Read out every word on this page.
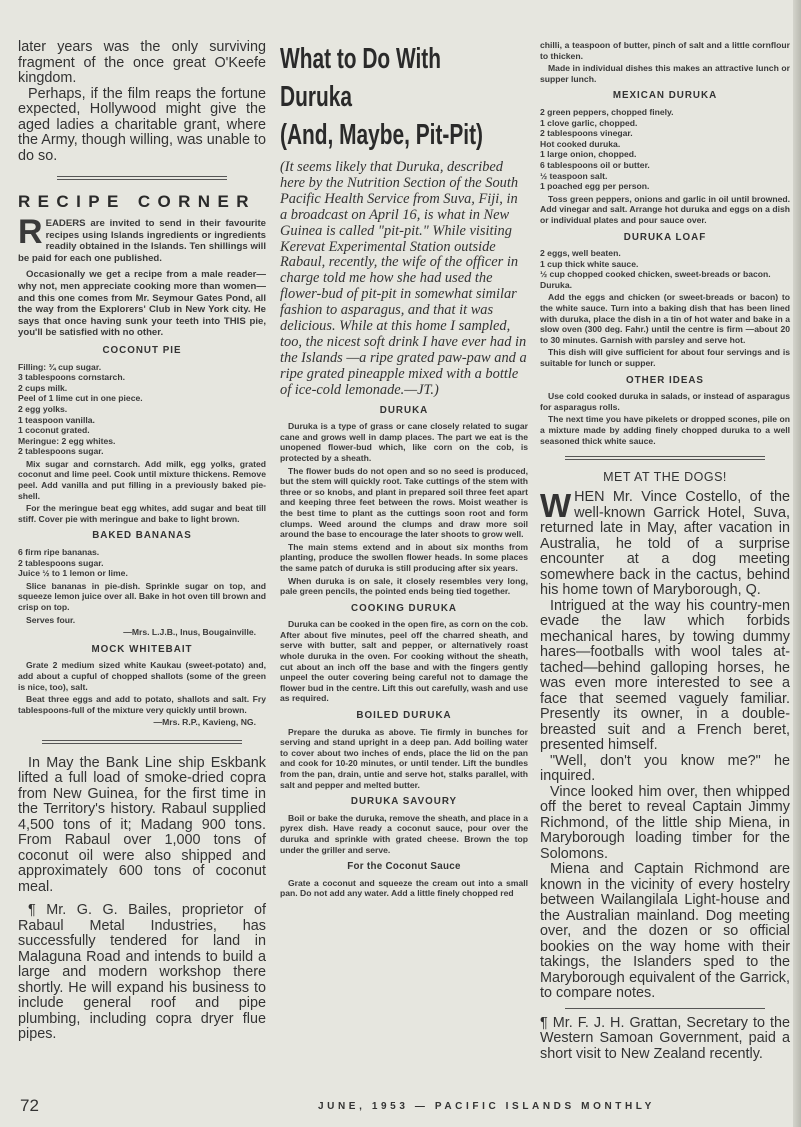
later years was the only surviving fragment of the once great O'Keefe kingdom.

Perhaps, if the film reaps the fortune expected, Hollywood might give the aged ladies a charitable grant, where the Army, though willing, was unable to do so.

RECIPE CORNER

READERS are invited to send in their favourite recipes using Islands ingredients or ingredients readily obtained in the Islands. Ten shillings will be paid for each one published.

Occasionally we get a recipe from a male reader—why not, men appreciate cooking more than women—and this one comes from Mr. Seymour Gates Pond, all the way from the Explorers' Club in New York city. He says that once having sunk your teeth into THIS pie, you'll be satisfied with no other.

COCONUT PIE

Filling: ¾ cup sugar.

3 tablespoons cornstarch.

2 cups milk.

Peel of 1 lime cut in one piece.

2 egg yolks.

1 teaspoon vanilla.

1 coconut grated.

Meringue: 2 egg whites.

2 tablespoons sugar.

Mix sugar and cornstarch. Add milk, egg yolks, grated coconut and lime peel. Cook until mixture thickens. Remove peel. Add vanilla and put filling in a previously baked pie-shell.

For the meringue beat egg whites, add sugar and beat till stiff. Cover pie with meringue and bake to light brown.

BAKED BANANAS

6 firm ripe bananas.

2 tablespoons sugar.

Juice ½ to 1 lemon or lime.

Slice bananas in pie-dish. Sprinkle sugar on top, and squeeze lemon juice over all. Bake in hot oven till brown and crisp on top.

Serves four.

—Mrs. L.J.B., Inus, Bougainville.

MOCK WHITEBAIT

Grate 2 medium sized white Kaukau (sweet-potato) and, add about a cupful of chopped shallots (some of the green is nice, too), salt.

Beat three eggs and add to potato, shallots and salt. Fry tablespoons-full of the mixture very quickly until brown.

—Mrs. R.P., Kavieng, NG.

In May the Bank Line ship Eskbank lifted a full load of smoke-dried copra from New Guinea, for the first time in the Territory's history. Rabaul supplied 4,500 tons of it; Madang 900 tons. From Rabaul over 1,000 tons of coconut oil were also shipped and approximately 600 tons of coconut meal.

¶ Mr. G. G. Bailes, proprietor of Rabaul Metal Industries, has successfully tendered for land in Malaguna Road and intends to build a large and modern workshop there shortly. He will expand his business to include general roof and pipe plumbing, including copra dryer flue pipes.

What to Do With
Duruka
(And, Maybe, Pit-Pit)

(It seems likely that Duruka, described here by the Nutrition Section of the South Pacific Health Service from Suva, Fiji, in a broadcast on April 16, is what in New Guinea is called "pit-pit." While visiting Kerevat Experimental Station outside Rabaul, recently, the wife of the officer in charge told me how she had used the flower-bud of pit-pit in somewhat similar fashion to asparagus, and that it was delicious. While at this home I sampled, too, the nicest soft drink I have ever had in the Islands —a ripe grated paw-paw and a ripe grated pineapple mixed with a bottle of ice-cold lemonade.—JT.)

DURUKA

Duruka is a type of grass or cane closely related to sugar cane and grows well in damp places. The part we eat is the unopened flower-bud which, like corn on the cob, is protected by a sheath.

The flower buds do not open and so no seed is produced, but the stem will quickly root. Take cuttings of the stem with three or so knobs, and plant in prepared soil three feet apart and keeping three feet between the rows. Moist weather is the best time to plant as the cuttings soon root and form clumps. Weed around the clumps and draw more soil around the base to encourage the later shoots to grow well.

The main stems extend and in about six months from planting, produce the swollen flower heads. In some places the same patch of duruka is still producing after six years.

When duruka is on sale, it closely resembles very long, pale green pencils, the pointed ends being tied together.

COOKING DURUKA

Duruka can be cooked in the open fire, as corn on the cob. After about five minutes, peel off the charred sheath, and serve with butter, salt and pepper, or alternatively roast whole duruka in the oven. For cooking without the sheath, cut about an inch off the base and with the fingers gently unpeel the outer covering being careful not to damage the flower bud in the centre. Lift this out carefully, wash and use as required.

BOILED DURUKA

Prepare the duruka as above. Tie firmly in bunches for serving and stand upright in a deep pan. Add boiling water to cover about two inches of ends, place the lid on the pan and cook for 10-20 minutes, or until tender. Lift the bundles from the pan, drain, untie and serve hot, stalks parallel, with salt and pepper and melted butter.

DURUKA SAVOURY

Boil or bake the duruka, remove the sheath, and place in a pyrex dish. Have ready a coconut sauce, pour over the duruka and sprinkle with grated cheese. Brown the top under the griller and serve.

For the Coconut Sauce

Grate a coconut and squeeze the cream out into a small pan. Do not add any water. Add a little finely chopped red

chilli, a teaspoon of butter, pinch of salt and a little cornflour to thicken.

Made in individual dishes this makes an attractive lunch or supper lunch.

MEXICAN DURUKA

2 green peppers, chopped finely.

1 clove garlic, chopped.

2 tablespoons vinegar.

Hot cooked duruka.

1 large onion, chopped.

6 tablespoons oil or butter.

½ teaspoon salt.

1 poached egg per person.

Toss green peppers, onions and garlic in oil until browned. Add vinegar and salt. Arrange hot duruka and eggs on a dish or individual plates and pour sauce over.

DURUKA LOAF

2 eggs, well beaten.

1 cup thick white sauce.

½ cup chopped cooked chicken, sweet-breads or bacon.

Duruka.

Add the eggs and chicken (or sweet-breads or bacon) to the white sauce. Turn into a baking dish that has been lined with duruka, place the dish in a tin of hot water and bake in a slow oven (300 deg. Fahr.) until the centre is firm —about 20 to 30 minutes. Garnish with parsley and serve hot.

This dish will give sufficient for about four servings and is suitable for lunch or supper.

OTHER IDEAS

Use cold cooked duruka in salads, or instead of asparagus for asparagus rolls.

The next time you have pikelets or dropped scones, pile on a mixture made by adding finely chopped duruka to a well seasoned thick white sauce.

MET AT THE DOGS!

WHEN Mr. Vince Costello, of the well-known Garrick Hotel, Suva, returned late in May, after vacation in Australia, he told of a surprise encounter at a dog meeting somewhere back in the cactus, behind his home town of Maryborough, Q.

Intrigued at the way his country-men evade the law which forbids mechanical hares, by towing dummy hares—footballs with wool tales at-tached—behind galloping horses, he was even more interested to see a face that seemed vaguely familiar. Presently its owner, in a double-breasted suit and a French beret, presented himself.

"Well, don't you know me?" he inquired.

Vince looked him over, then whipped off the beret to reveal Captain Jimmy Richmond, of the little ship Miena, in Maryborough loading timber for the Solomons.

Miena and Captain Richmond are known in the vicinity of every hostelry between Wailangilala Light-house and the Australian mainland. Dog meeting over, and the dozen or so official bookies on the way home with their takings, the Islanders sped to the Maryborough equivalent of the Garrick, to compare notes.

¶ Mr. F. J. H. Grattan, Secretary to the Western Samoan Government, paid a short visit to New Zealand recently.

72	JUNE, 1953 — PACIFIC ISLANDS MONTHLY
